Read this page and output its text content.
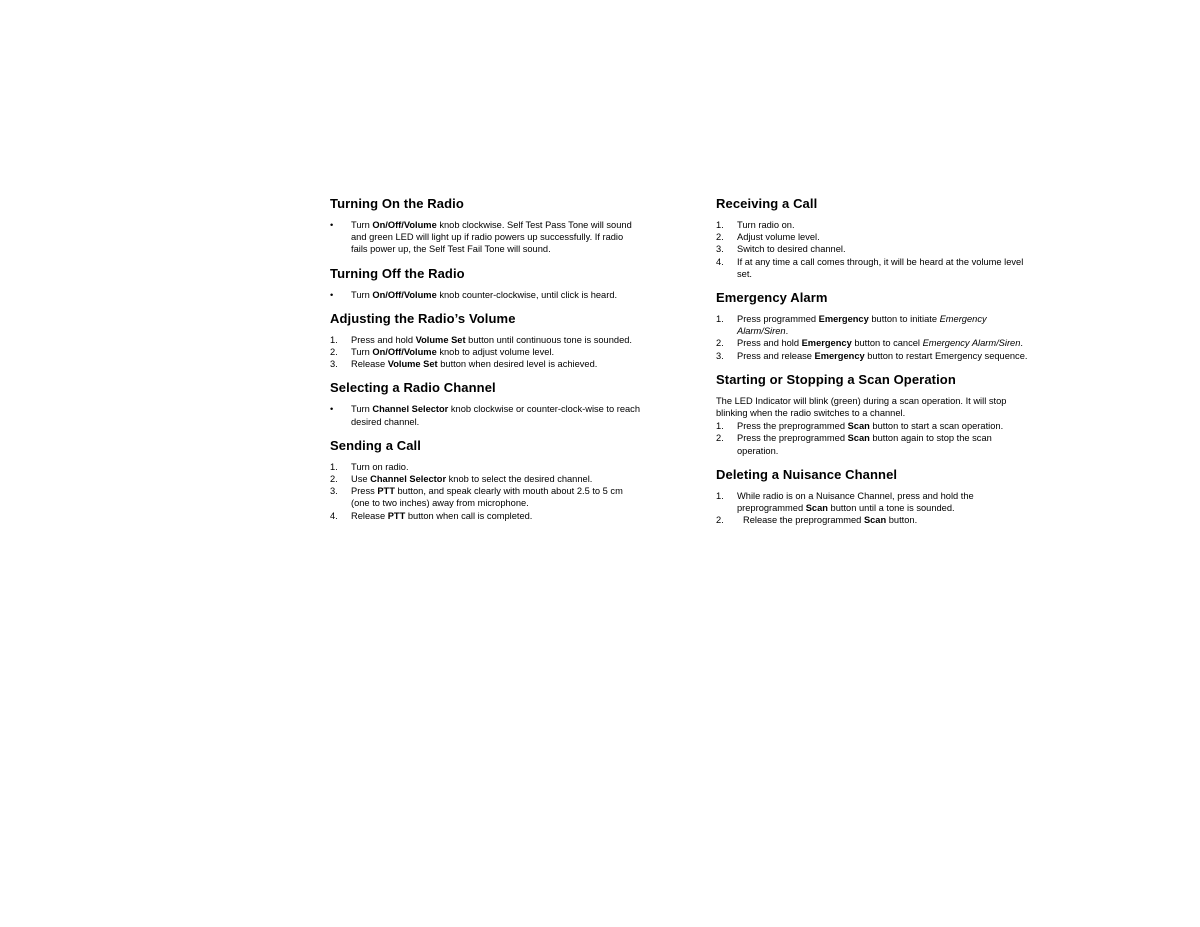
Turning On the Radio
• Turn On/Off/Volume knob clockwise. Self Test Pass Tone will sound and green LED will light up if radio powers up successfully. If radio fails power up, the Self Test Fail Tone will sound.
Turning Off the Radio
• Turn On/Off/Volume knob counter-clockwise, until click is heard.
Adjusting the Radio’s Volume
1. Press and hold Volume Set button until continuous tone is sounded.
2. Turn On/Off/Volume knob to adjust volume level.
3. Release Volume Set button when desired level is achieved.
Selecting a Radio Channel
• Turn Channel Selector knob clockwise or counter-clock-wise to reach desired channel.
Sending a Call
1. Turn on radio.
2. Use Channel Selector knob to select the desired channel.
3. Press PTT button, and speak clearly with mouth about 2.5 to 5 cm (one to two inches) away from microphone.
4. Release PTT button when call is completed.
Receiving a Call
1. Turn radio on.
2. Adjust volume level.
3. Switch to desired channel.
4. If at any time a call comes through, it will be heard at the volume level set.
Emergency Alarm
1. Press programmed Emergency button to initiate Emergency Alarm/Siren.
2. Press and hold Emergency button to cancel Emergency Alarm/Siren.
3. Press and release Emergency button to restart Emergency sequence.
Starting or Stopping a Scan Operation

The LED Indicator will blink (green) during a scan operation. It will stop blinking when the radio switches to a channel.

1. Press the preprogrammed Scan button to start a scan operation.
2. Press the preprogrammed Scan button again to stop the scan operation.
Deleting a Nuisance Channel
1. While radio is on a Nuisance Channel, press and hold the preprogrammed Scan button until a tone is sounded.
2. Release the preprogrammed Scan button.
